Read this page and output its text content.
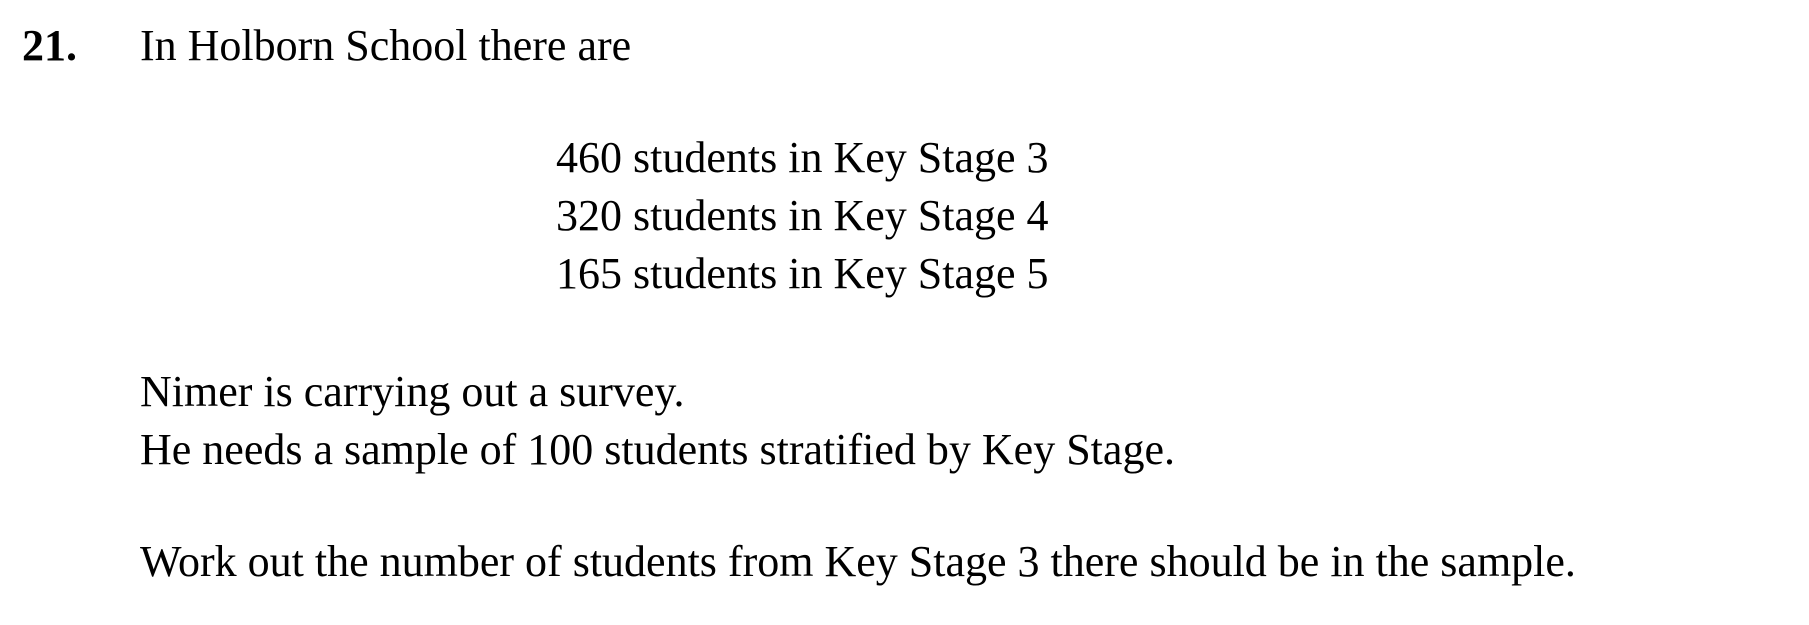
21. In Holborn School there are
460 students in Key Stage 3
320 students in Key Stage 4
165 students in Key Stage 5

Nimer is carrying out a survey.

He needs a sample of 100 students stratified by Key Stage.

Work out the number of students from Key Stage 3 there should be in the sample.
